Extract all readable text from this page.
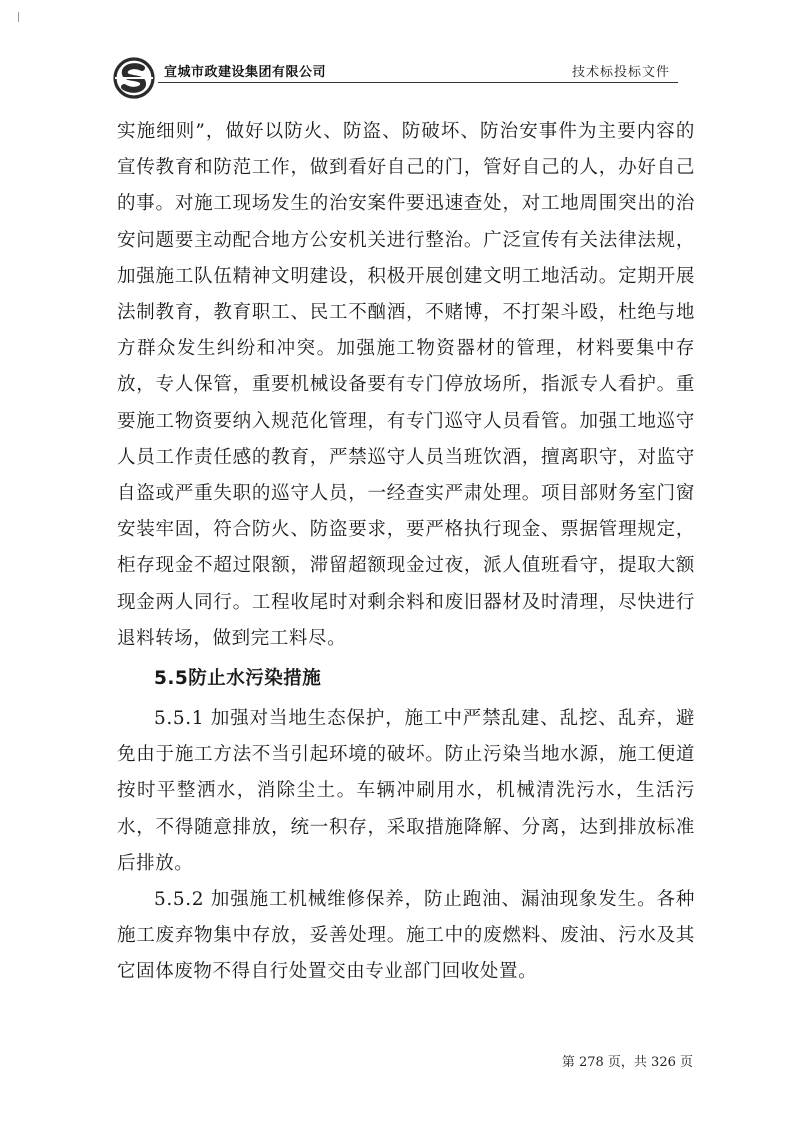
宣城市政建设集团有限公司	技术标投标文件

实施细则”，做好以防火、防盗、防破坏、防治安事件为主要内容的宣传教育和防范工作，做到看好自己的门，管好自己的人，办好自己的事。对施工现场发生的治安案件要迅速查处，对工地周围突出的治安问题要主动配合地方公安机关进行整治。广泛宣传有关法律法规，加强施工队伍精神文明建设，积极开展创建文明工地活动。定期开展法制教育，教育职工、民工不酗酒，不赌博，不打架斗殴，杜绝与地方群众发生纠纷和冲突。加强施工物资器材的管理，材料要集中存放，专人保管，重要机械设备要有专门停放场所，指派专人看护。重要施工物资要纳入规范化管理，有专门巡守人员看管。加强工地巡守人员工作责任感的教育，严禁巡守人员当班饮酒，擅离职守，对监守自盗或严重失职的巡守人员，一经查实严肃处理。项目部财务室门窗安装牢固，符合防火、防盗要求，要严格执行现金、票据管理规定，柜存现金不超过限额，滞留超额现金过夜，派人值班看守，提取大额现金两人同行。工程收尾时对剩余料和废旧器材及时清理，尽快进行退料转场，做到完工料尽。

5.5防止水污染措施

5.5.1 加强对当地生态保护，施工中严禁乱建、乱挖、乱弃，避免由于施工方法不当引起环境的破坏。防止污染当地水源，施工便道按时平整洒水，消除尘土。车辆冲刷用水，机械清洗污水，生活污水，不得随意排放，统一积存，采取措施降解、分离，达到排放标准后排放。

5.5.2 加强施工机械维修保养，防止跑油、漏油现象发生。各种施工废弃物集中存放，妥善处理。施工中的废燃料、废油、污水及其它固体废物不得自行处置交由专业部门回收处置。

第 278 页，共 326 页
